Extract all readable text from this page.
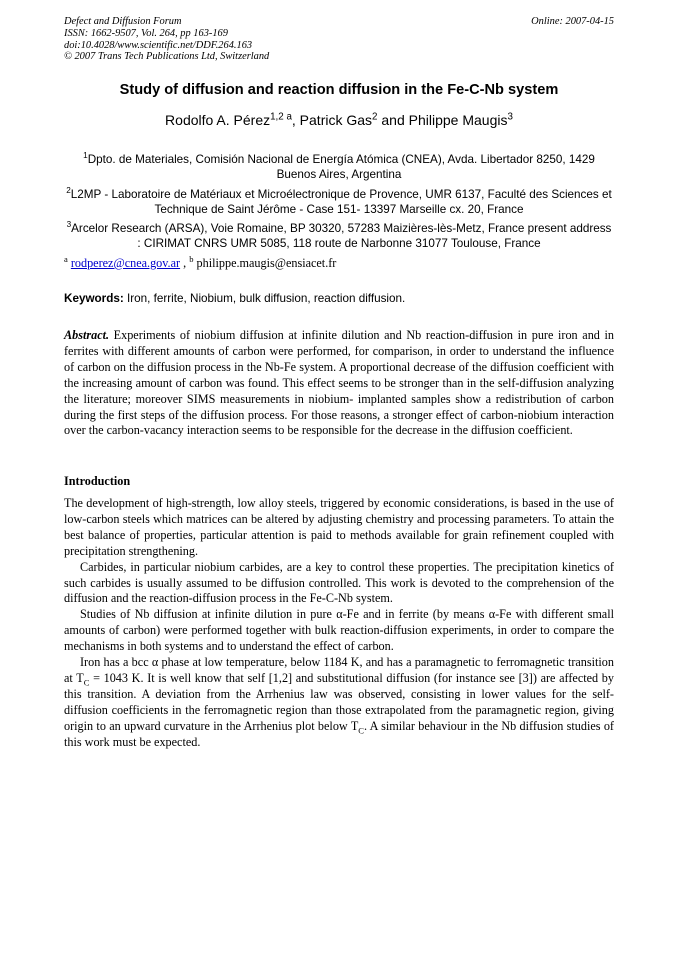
Defect and Diffusion Forum
ISSN: 1662-9507, Vol. 264, pp 163-169
doi:10.4028/www.scientific.net/DDF.264.163
© 2007 Trans Tech Publications Ltd, Switzerland
Online: 2007-04-15
Study of diffusion and reaction diffusion in the Fe-C-Nb system
Rodolfo A. Pérez$^{1,2 a}$, Patrick Gas$^2$ and Philippe Maugis$^3$
$^1$Dpto. de Materiales, Comisión Nacional de Energía Atómica (CNEA), Avda. Libertador 8250, 1429 Buenos Aires, Argentina
$^2$L2MP - Laboratoire de Matériaux et Microélectronique de Provence, UMR 6137, Faculté des Sciences et Technique de Saint Jérôme - Case 151- 13397 Marseille cx. 20, France
$^3$Arcelor Research (ARSA), Voie Romaine, BP 30320, 57283 Maizières-lès-Metz, France present address : CIRIMAT CNRS UMR 5085, 118 route de Narbonne 31077 Toulouse, France
$^a$ rodperez@cnea.gov.ar , $^b$ philippe.maugis@ensiacet.fr
Keywords: Iron, ferrite, Niobium, bulk diffusion, reaction diffusion.
Abstract. Experiments of niobium diffusion at infinite dilution and Nb reaction-diffusion in pure iron and in ferrites with different amounts of carbon were performed, for comparison, in order to understand the influence of carbon on the diffusion process in the Nb-Fe system. A proportional decrease of the diffusion coefficient with the increasing amount of carbon was found. This effect seems to be stronger than in the self-diffusion analyzing the literature; moreover SIMS measurements in niobium- implanted samples show a redistribution of carbon during the first steps of the diffusion process. For those reasons, a stronger effect of carbon-niobium interaction over the carbon-vacancy interaction seems to be responsible for the decrease in the diffusion coefficient.
Introduction

The development of high-strength, low alloy steels, triggered by economic considerations, is based in the use of low-carbon steels which matrices can be altered by adjusting chemistry and processing parameters. To attain the best balance of properties, particular attention is paid to methods available for grain refinement coupled with precipitation strengthening.

Carbides, in particular niobium carbides, are a key to control these properties. The precipitation kinetics of such carbides is usually assumed to be diffusion controlled. This work is devoted to the comprehension of the diffusion and the reaction-diffusion process in the Fe-C-Nb system.

Studies of Nb diffusion at infinite dilution in pure α-Fe and in ferrite (by means α-Fe with different small amounts of carbon) were performed together with bulk reaction-diffusion experiments, in order to compare the mechanisms in both systems and to understand the effect of carbon.

Iron has a bcc α phase at low temperature, below 1184 K, and has a paramagnetic to ferromagnetic transition at $T_C = 1043$ K. It is well know that self [1,2] and substitutional diffusion (for instance see [3]) are affected by this transition. A deviation from the Arrhenius law was observed, consisting in lower values for the self-diffusion coefficients in the ferromagnetic region than those extrapolated from the paramagnetic region, giving origin to an upward curvature in the Arrhenius plot below $T_C$. A similar behaviour in the Nb diffusion studies of this work must be expected.
